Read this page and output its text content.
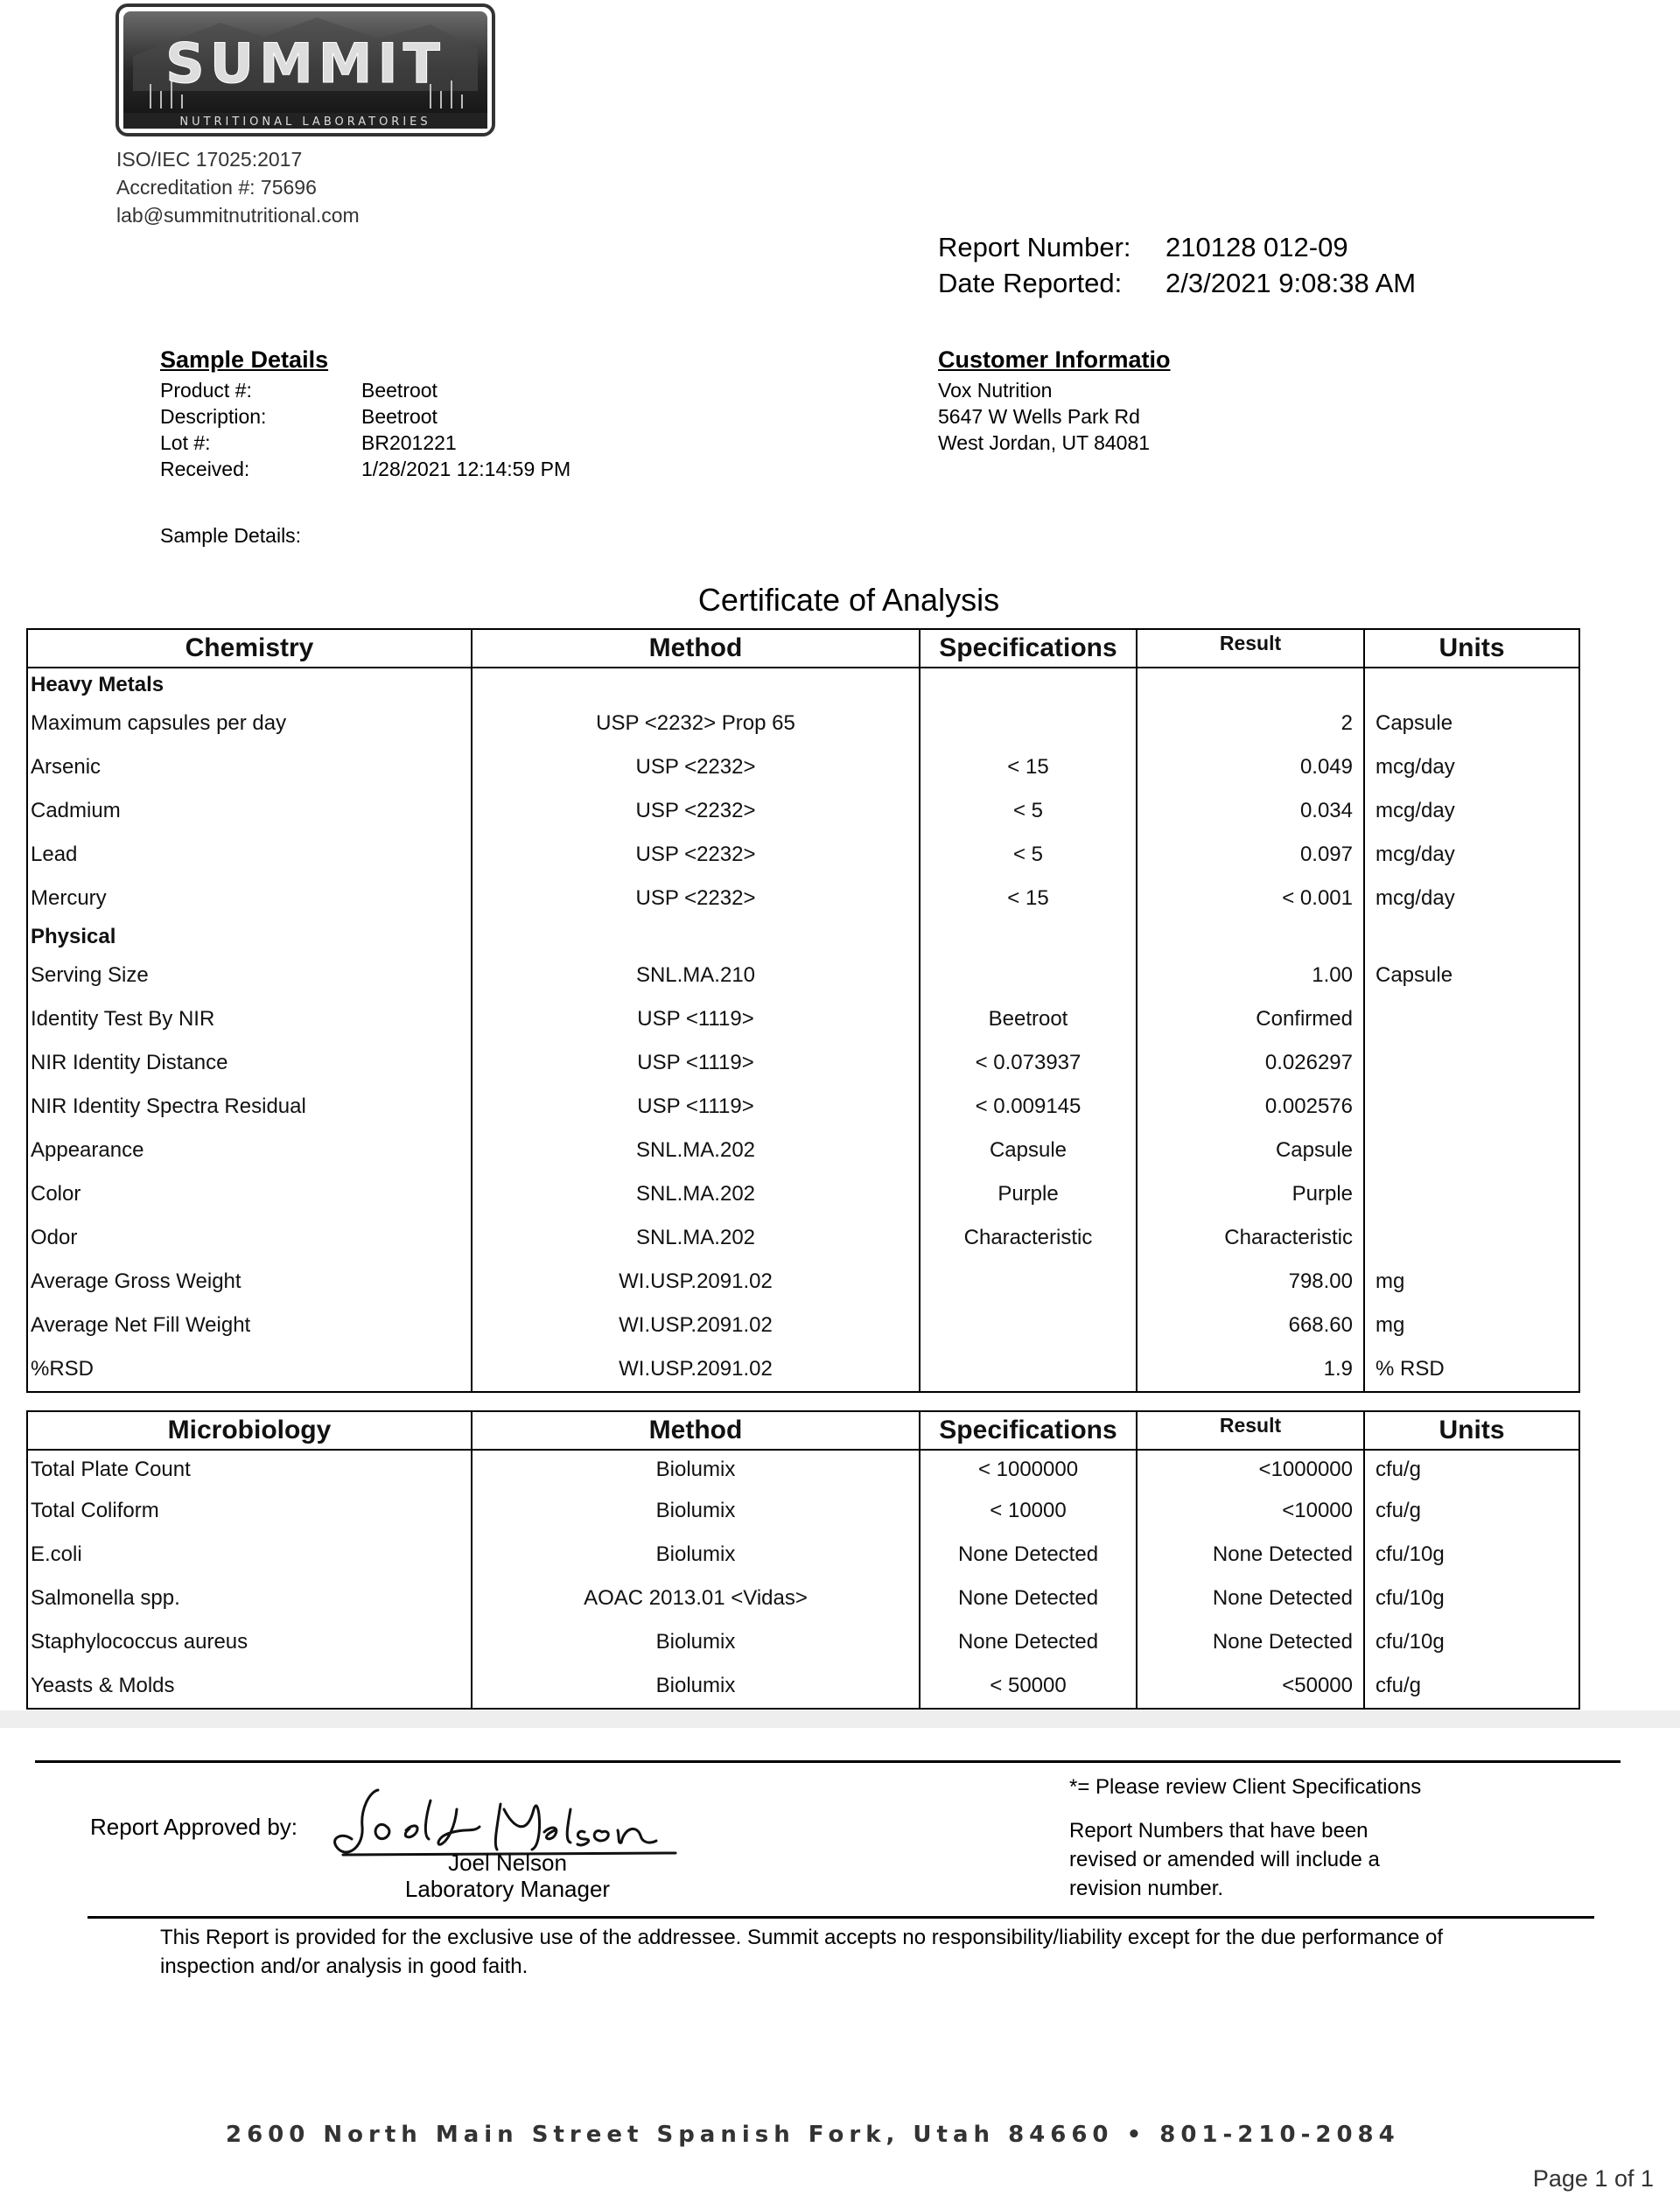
SUMMIT
NUTRITIONAL LABORATORIES
ISO/IEC 17025:2017
Accreditation #: 75696
lab@summitnutritional.com
Report Number: 210128 012-09
Date Reported: 2/3/2021 9:08:38 AM
Sample Details
Product #:	Beetroot
Description:	Beetroot
Lot #:	BR201221
Received:	1/28/2021 12:14:59 PM
Sample Details:
Customer Informatio
Vox Nutrition
5647 W Wells Park Rd
West Jordan, UT 84081
Certificate of Analysis
Chemistry	Method	Specifications	Result	Units
Heavy Metals				
Maximum capsules per day	USP <2232> Prop 65		2	Capsule
Arsenic	USP <2232>	< 15	0.049	mcg/day
Cadmium	USP <2232>	< 5	0.034	mcg/day
Lead	USP <2232>	< 5	0.097	mcg/day
Mercury	USP <2232>	< 15	< 0.001	mcg/day
Physical				
Serving Size	SNL.MA.210		1.00	Capsule
Identity Test By NIR	USP <1119>	Beetroot	Confirmed	
NIR Identity Distance	USP <1119>	< 0.073937	0.026297	
NIR Identity Spectra Residual	USP <1119>	< 0.009145	0.002576	
Appearance	SNL.MA.202	Capsule	Capsule	
Color	SNL.MA.202	Purple	Purple	
Odor	SNL.MA.202	Characteristic	Characteristic	
Average Gross Weight	WI.USP.2091.02		798.00	mg
Average Net Fill Weight	WI.USP.2091.02		668.60	mg
%RSD	WI.USP.2091.02		1.9	% RSD
Microbiology	Method	Specifications	Result	Units
Total Plate Count	Biolumix	< 1000000	<1000000	cfu/g
Total Coliform	Biolumix	< 10000	<10000	cfu/g
E.coli	Biolumix	None Detected	None Detected	cfu/10g
Salmonella spp.	AOAC 2013.01 <Vidas>	None Detected	None Detected	cfu/10g
Staphylococcus aureus	Biolumix	None Detected	None Detected	cfu/10g
Yeasts & Molds	Biolumix	< 50000	<50000	cfu/g
Report Approved by:
Joel Nelson
Laboratory Manager
*= Please review Client Specifications
Report Numbers that have been
revised or amended will include a
revision number.
This Report is provided for the exclusive use of the addressee. Summit accepts no responsibility/liability except for the due performance of
inspection and/or analysis in good faith.
2600 North Main Street Spanish Fork, Utah 84660 • 801-210-2084
Page 1 of 1
